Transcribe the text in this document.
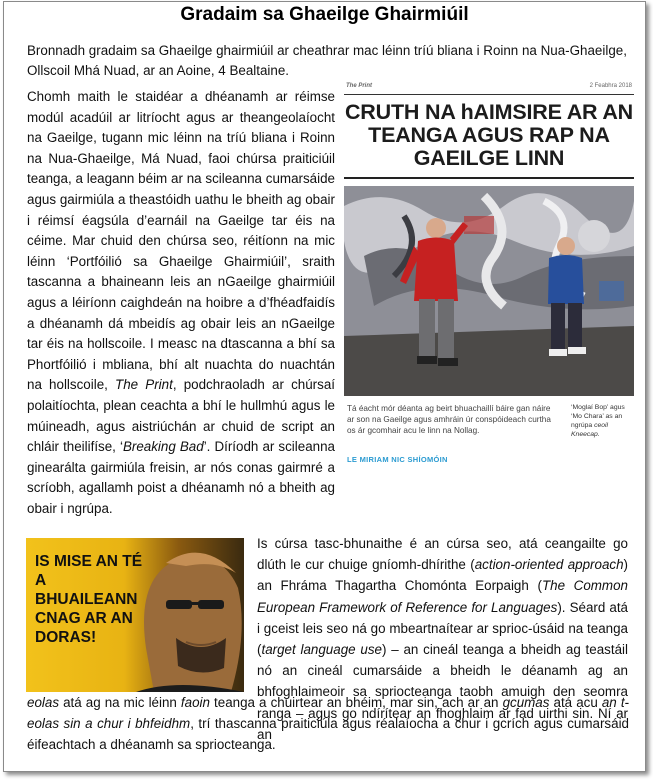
Gradaim sa Ghaeilge Ghairmiúil
Bronnadh gradaim sa Ghaeilge ghairmiúil ar cheathrar mac léinn tríú bliana i Roinn na Nua-Ghaeilge, Ollscoil Mhá Nuad, ar an Aoine, 4 Bealtaine.
Chomh maith le staidéar a dhéanamh ar réimse modúl acadúil ar litríocht agus ar theangeolaíocht na Gaeilge, tugann mic léinn na tríú bliana i Roinn na Nua-Ghaeilge, Má Nuad, faoi chúrsa praiticiúil teanga, a leagann béim ar na scileanna cumarsáide agus gairmiúla a theastóidh uathu le bheith ag obair i réimsí éagsúla d’earnáil na Gaeilge tar éis na céime. Mar chuid den chúrsa seo, réitíonn na mic léinn ‘Portfóilió sa Ghaeilge Ghairmiúil’, sraith tascanna a bhaineann leis an nGaeilge ghairmiúil agus a léiríonn caighdeán na hoibre a d’fhéadfaidís a dhéanamh dá mbeidís ag obair leis an nGaeilge tar éis na hollscoile. I measc na dtascanna a bhí sa Phortfóilió i mbliana, bhí alt nuachta do nuachtán na hollscoile, The Print, podchraoladh ar chúrsaí polaitíochta, plean ceachta a bhí le hullmhú agus le múineadh, agus aistriúchán ar chuid de script an chláir theilifíse, ‘Breaking Bad’. Díríodh ar scileanna ginearálta gairmiúla freisin, ar nós conas gairmré a scríobh, agallamh poist a dhéanamh nó a bheith ag obair i ngrúpa.
The Print	2 Feabhra 2018
CRUTH NA hAIMSIRE AR AN TEANGA AGUS RAP NA GAEILGE LINN
Tá éacht mór déanta ag beirt bhuachaillí báire gan náire ar son na Gaeilge agus amhráin úr conspóideach curtha os ár gcomhair acu le linn na Nollag.
‘Moglaí Bop’ agus ‘Mo Chara’ as an ngrúpa ceoil Kneecap.
LE MIRIAM NIC SHÍOMÓIN
IS MISE AN TÉ A BHUAILEANN CNAG AR AN DORAS!
Is cúrsa tasc-bhunaithe é an cúrsa seo, atá ceangailte go dlúth le cur chuige gníomh-dhírithe (action-oriented approach) an Fhráma Thagartha Chomónta Eorpaigh (The Common European Framework of Reference for Languages). Séard atá i gceist leis seo ná go mbeartnaítear ar sprioc-úsáid na teanga (target language use) – an cineál teanga a bheidh ag teastáil nó an cineál cumarsáide a bheidh le déanamh ag an bhfoghlaimeoir sa spriocteanga taobh amuigh den seomra ranga – agus go ndírítear an fhoghlaim ar fad uirthi sin. Ní ar an
eolas atá ag na mic léinn faoin teanga a chuirtear an bhéim, mar sin, ach ar an gcumas atá acu an t-eolas sin a chur i bhfeidhm, trí thascanna praiticiúla agus réalaíocha a chur i gcrích agus cumarsáid éifeachtach a dhéanamh sa spriocteanga.
